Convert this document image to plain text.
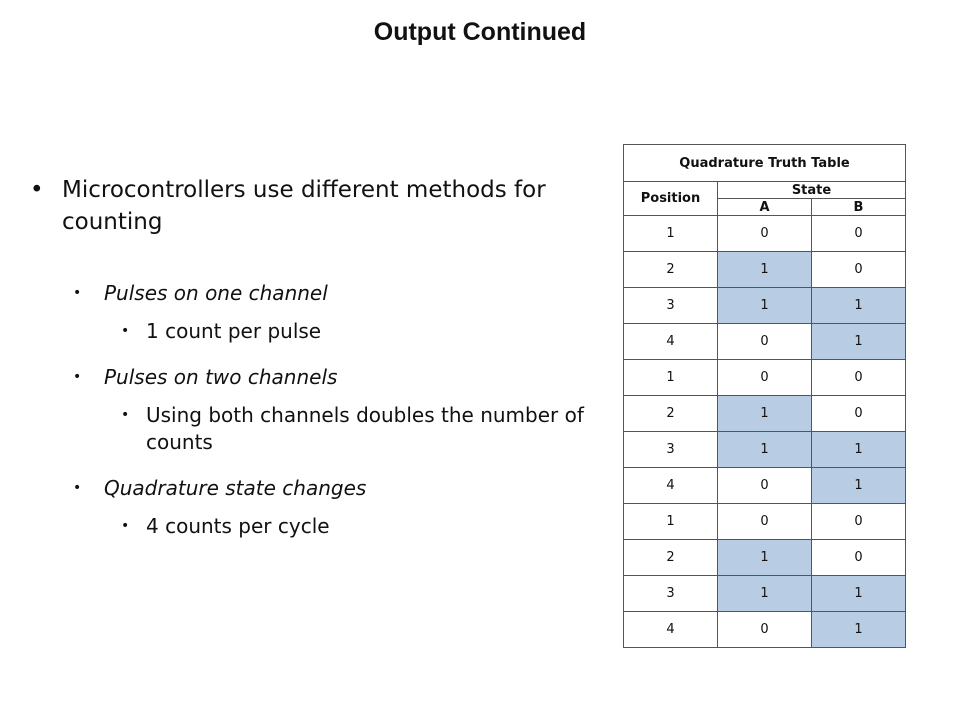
Output Continued
• Microcontrollers use different methods for counting
• Pulses on one channel
• 1 count per pulse
• Pulses on two channels
• Using both channels doubles the number of counts
• Quadrature state changes
• 4 counts per cycle
Quadrature Truth Table		
Position	State	
	A	B
1	0	0
2	1	0
3	1	1
4	0	1
1	0	0
2	1	0
3	1	1
4	0	1
1	0	0
2	1	0
3	1	1
4	0	1
